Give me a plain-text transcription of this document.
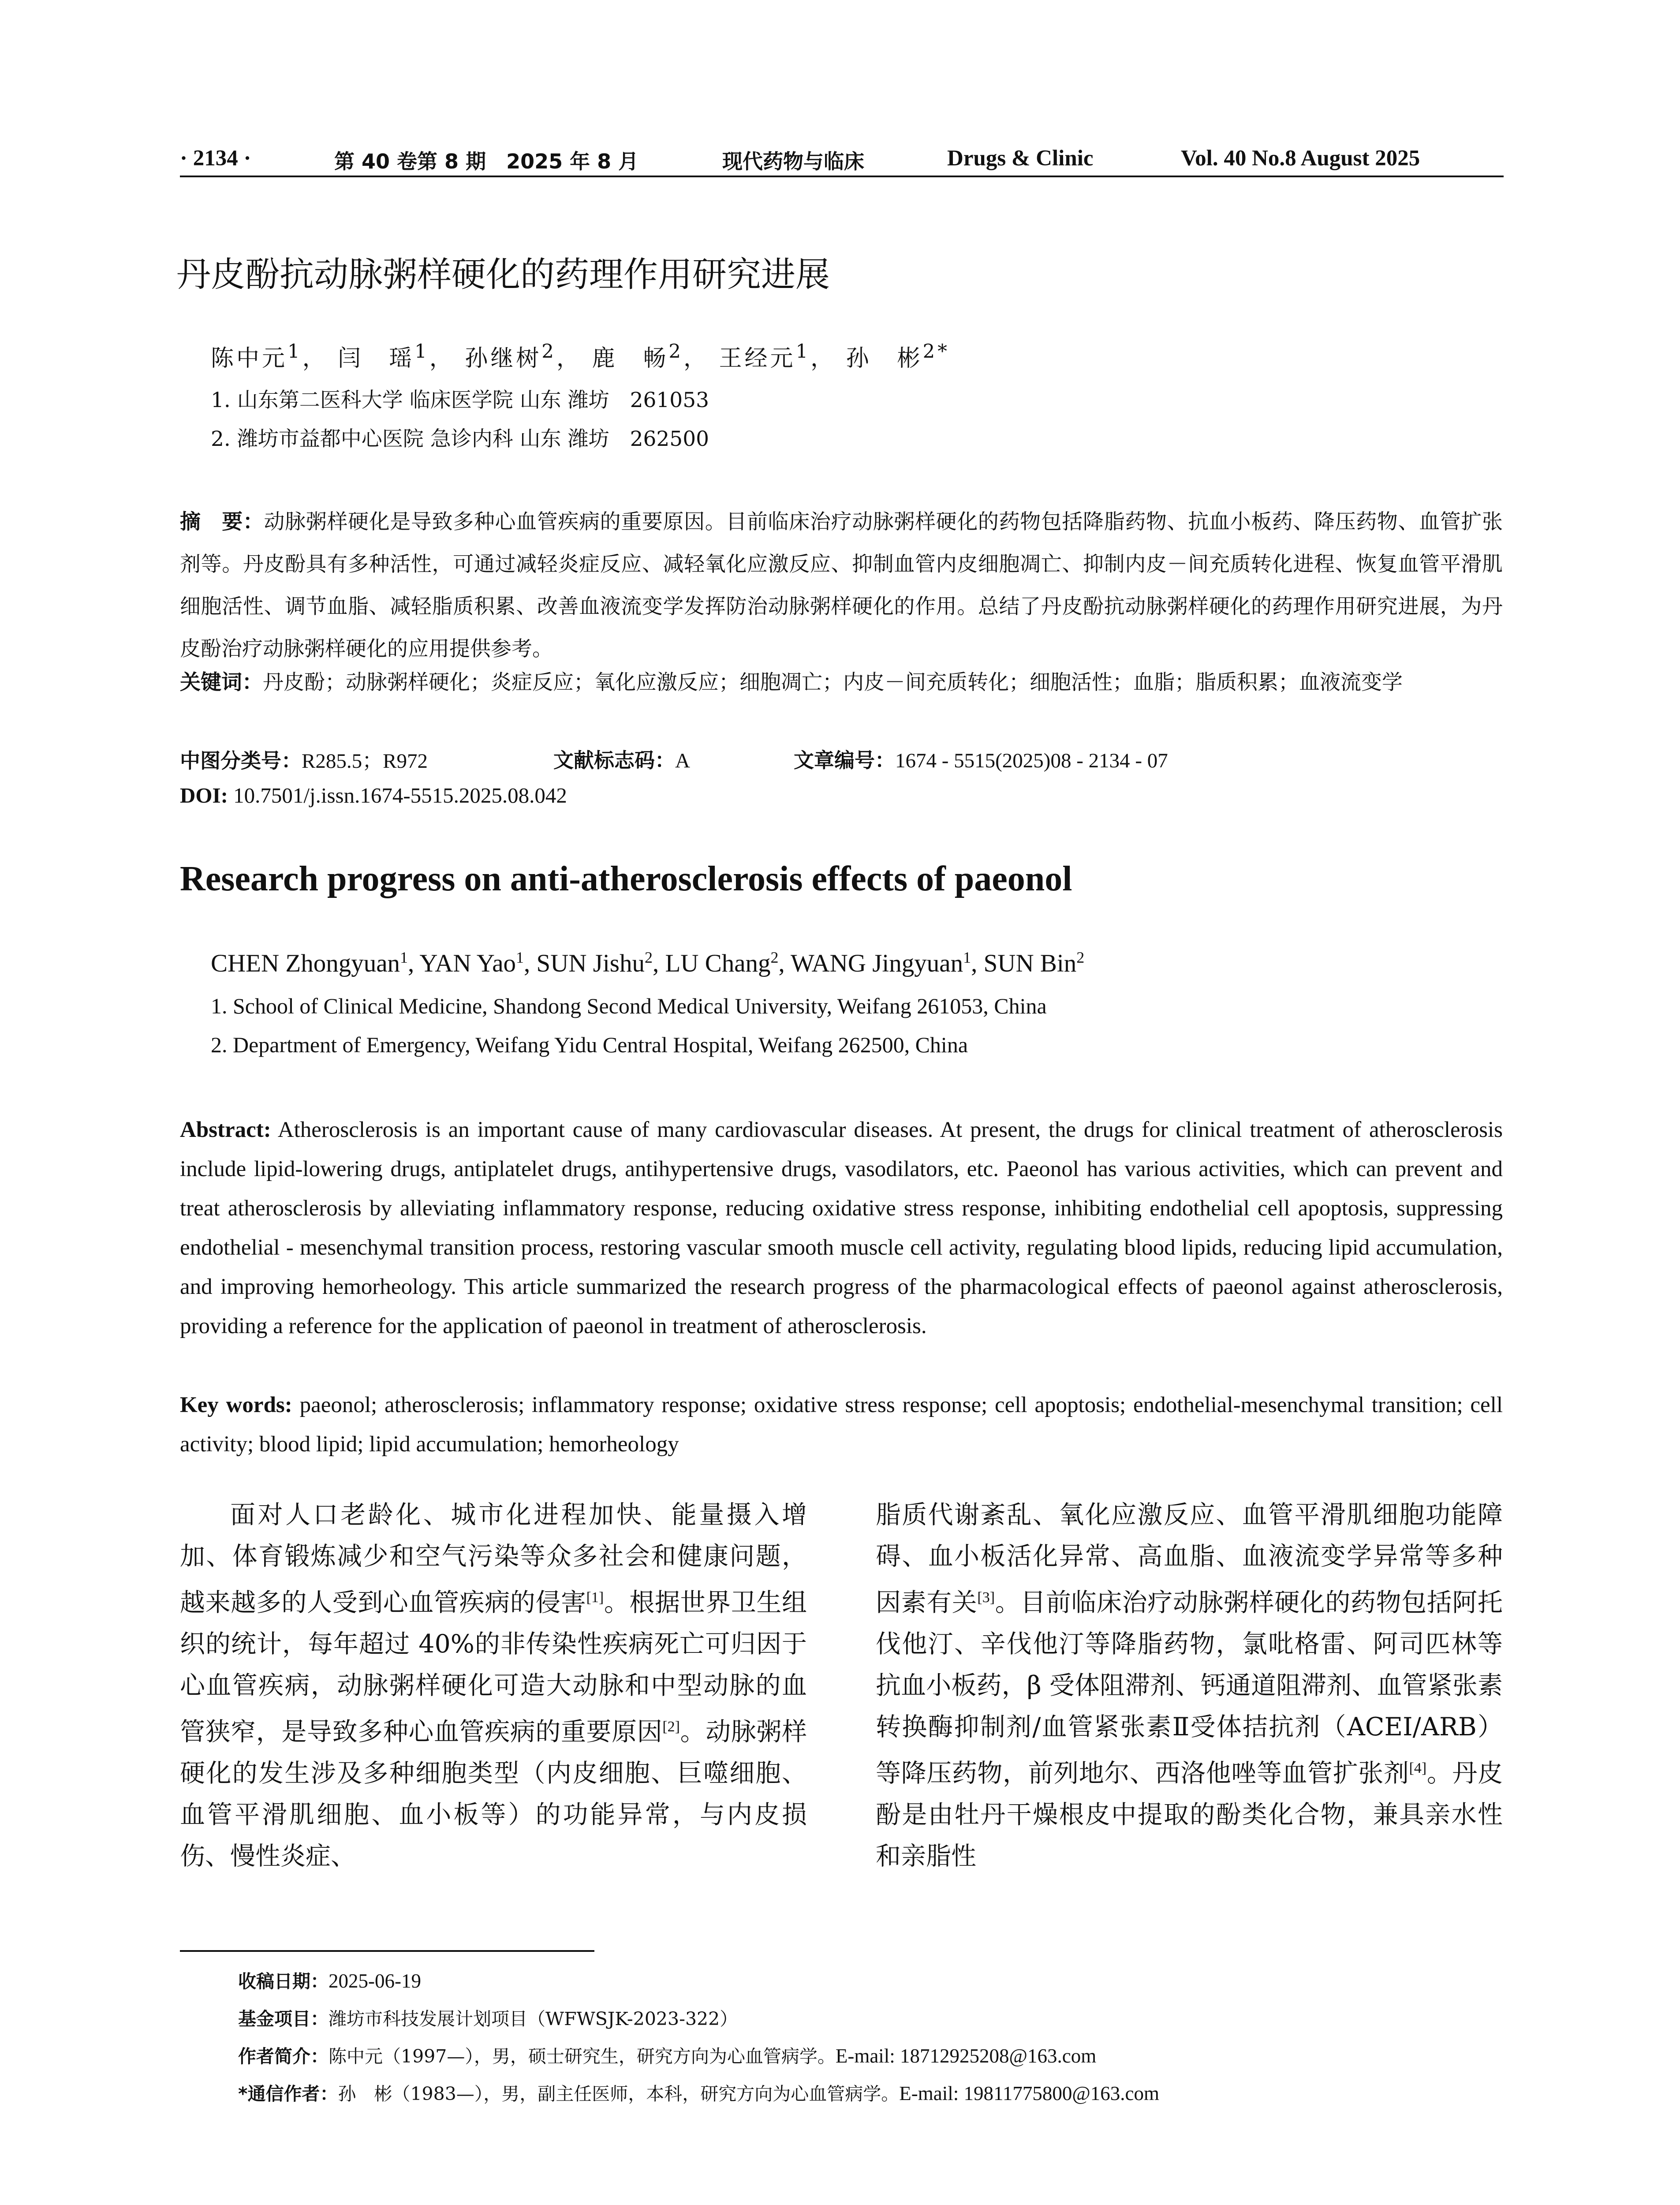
· 2134 ·	第 40 卷第 8 期　2025 年 8 月	现代药物与临床	Drugs & Clinic	Vol. 40 No.8 August 2025
丹皮酚抗动脉粥样硬化的药理作用研究进展
陈中元$^1$， 闫　瑶$^1$， 孙继树$^2$， 鹿　畅$^2$， 王经元$^1$， 孙　彬$^{2*}$
1. 山东第二医科大学 临床医学院 山东 潍坊　261053
2. 潍坊市益都中心医院 急诊内科 山东 潍坊　262500
摘　要：动脉粥样硬化是导致多种心血管疾病的重要原因。目前临床治疗动脉粥样硬化的药物包括降脂药物、抗血小板药、降压药物、血管扩张剂等。丹皮酚具有多种活性，可通过减轻炎症反应、减轻氧化应激反应、抑制血管内皮细胞凋亡、抑制内皮－间充质转化进程、恢复血管平滑肌细胞活性、调节血脂、减轻脂质积累、改善血液流变学发挥防治动脉粥样硬化的作用。总结了丹皮酚抗动脉粥样硬化的药理作用研究进展，为丹皮酚治疗动脉粥样硬化的应用提供参考。
关键词：丹皮酚；动脉粥样硬化；炎症反应；氧化应激反应；细胞凋亡；内皮－间充质转化；细胞活性；血脂；脂质积累；血液流变学
中图分类号：R285.5；R972	文献标志码：A	文章编号：1674 - 5515(2025)08 - 2134 - 07
DOI: 10.7501/j.issn.1674-5515.2025.08.042
Research progress on anti-atherosclerosis effects of paeonol
CHEN Zhongyuan$^1$, YAN Yao$^1$, SUN Jishu$^2$, LU Chang$^2$, WANG Jingyuan$^1$, SUN Bin$^2$
1. School of Clinical Medicine, Shandong Second Medical University, Weifang 261053, China
2. Department of Emergency, Weifang Yidu Central Hospital, Weifang 262500, China
Abstract: Atherosclerosis is an important cause of many cardiovascular diseases. At present, the drugs for clinical treatment of atherosclerosis include lipid-lowering drugs, antiplatelet drugs, antihypertensive drugs, vasodilators, etc. Paeonol has various activities, which can prevent and treat atherosclerosis by alleviating inflammatory response, reducing oxidative stress response, inhibiting endothelial cell apoptosis, suppressing endothelial - mesenchymal transition process, restoring vascular smooth muscle cell activity, regulating blood lipids, reducing lipid accumulation, and improving hemorheology. This article summarized the research progress of the pharmacological effects of paeonol against atherosclerosis, providing a reference for the application of paeonol in treatment of atherosclerosis.
Key words: paeonol; atherosclerosis; inflammatory response; oxidative stress response; cell apoptosis; endothelial-mesenchymal transition; cell activity; blood lipid; lipid accumulation; hemorheology
面对人口老龄化、城市化进程加快、能量摄入增加、体育锻炼减少和空气污染等众多社会和健康问题，越来越多的人受到心血管疾病的侵害[1]。根据世界卫生组织的统计，每年超过 40%的非传染性疾病死亡可归因于心血管疾病，动脉粥样硬化可造大动脉和中型动脉的血管狭窄，是导致多种心血管疾病的重要原因[2]。动脉粥样硬化的发生涉及多种细胞类型（内皮细胞、巨噬细胞、血管平滑肌细胞、血小板等）的功能异常，与内皮损伤、慢性炎症、
脂质代谢紊乱、氧化应激反应、血管平滑肌细胞功能障碍、血小板活化异常、高血脂、血液流变学异常等多种因素有关[3]。目前临床治疗动脉粥样硬化的药物包括阿托伐他汀、辛伐他汀等降脂药物，氯吡格雷、阿司匹林等抗血小板药，β 受体阻滞剂、钙通道阻滞剂、血管紧张素转换酶抑制剂/血管紧张素Ⅱ受体拮抗剂（ACEI/ARB）等降压药物，前列地尔、西洛他唑等血管扩张剂[4]。丹皮酚是由牡丹干燥根皮中提取的酚类化合物，兼具亲水性和亲脂性
收稿日期：2025-06-19
基金项目：潍坊市科技发展计划项目（WFWSJK-2023-322）
作者简介：陈中元（1997—），男，硕士研究生，研究方向为心血管病学。E-mail: 18712925208@163.com
*通信作者：孙　彬（1983—），男，副主任医师，本科，研究方向为心血管病学。E-mail: 19811775800@163.com
